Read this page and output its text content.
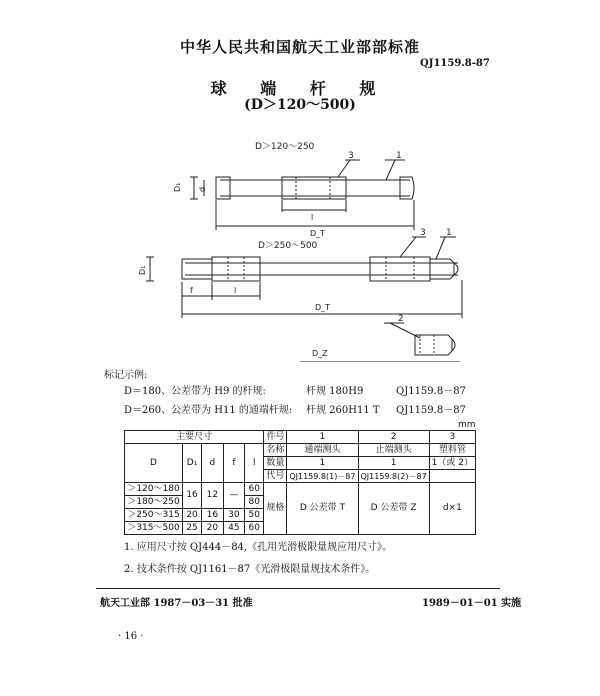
中华人民共和国航天工业部部标准
QJ1159.8-87
球 端 杆 规
(D＞120～500)
D＞120～250
D₁ d
l
D_T
3	1
D＞250～500
D₁
f	l
D_T
3 1
2
D_Z
标记示例:
D＝180、公差带为 H9 的杆规:	杆规 180H9	QJ1159.8－87
D＝260、公差带为 H11 的通端杆规: 杆规 260H11 T QJ1159.8－87
mm
主要尺寸					件号	1	2	3
D	D₁	d	f	l	名称	通端测头	止端测头	塑料管
					数量	1	1	1（或 2）
					代号	QJ1159.8(1)－87	QJ1159.8(2)－87	
＞120～180	16	12	—	60	规格	D 公差带 T	D 公差带 Z	d×1
＞180～250				80				
＞250～315	20	16	30	50				
＞315～500	25	20	45	60				
1. 应用尺寸按 QJ444－84,《孔用光滑极限量规应用尺寸》。
2. 技术条件按 QJ1161－87《光滑极限量规技术条件》。
航天工业部 1987－03－31 批准	1989－01－01 实施
· 16 ·
